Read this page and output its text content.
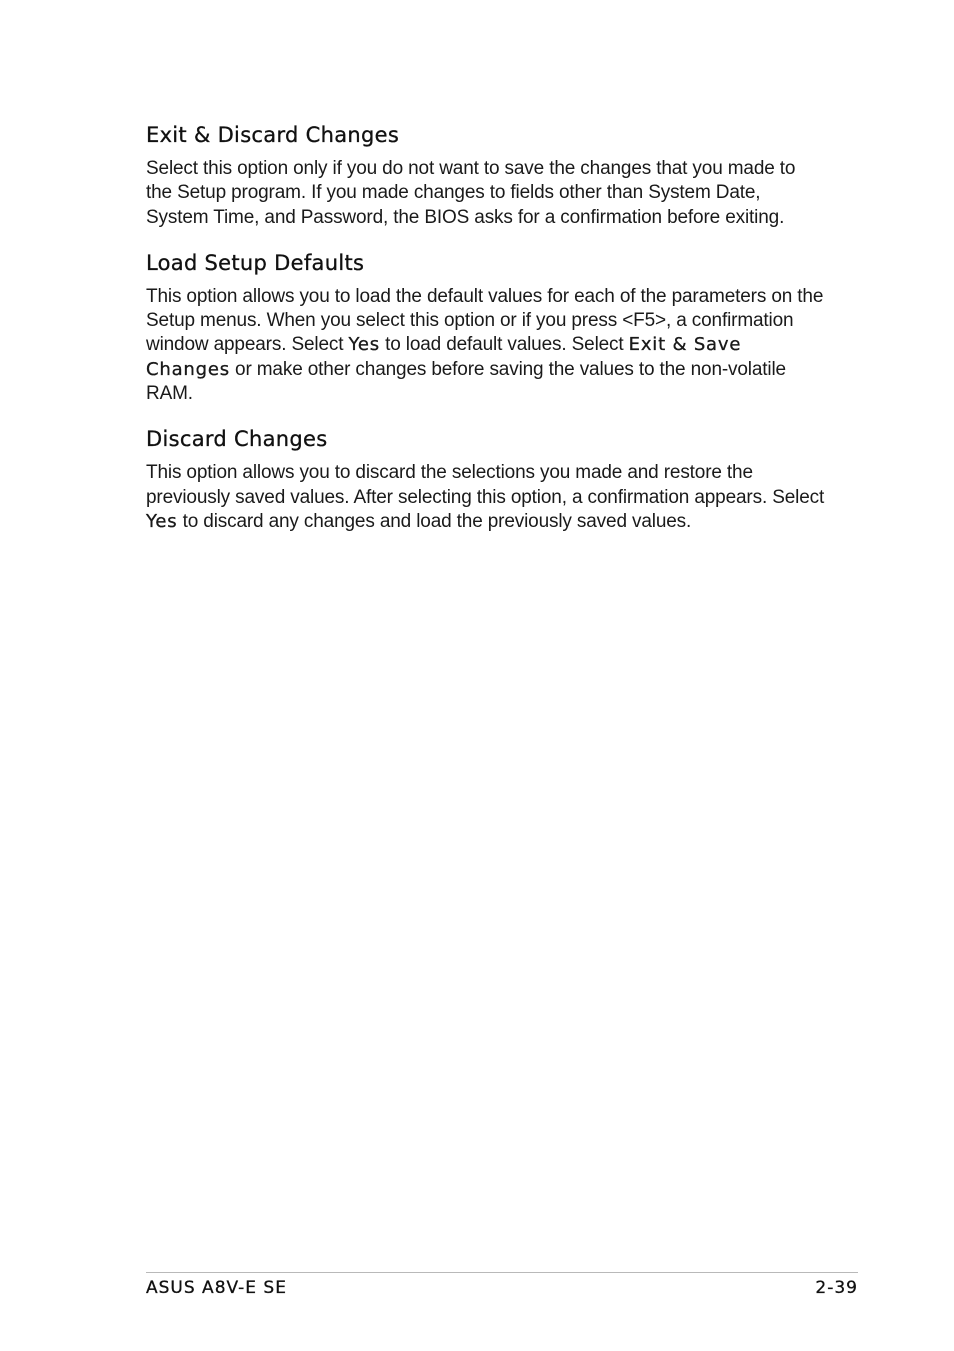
Exit & Discard Changes

Select this option only if you do not want to save the changes that you made to the Setup program. If you made changes to fields other than System Date, System Time, and Password, the BIOS asks for a confirmation before exiting.

Load Setup Defaults

This option allows you to load the default values for each of the parameters on the Setup menus. When you select this option or if you press <F5>, a confirmation window appears. Select Yes to load default values. Select Exit & Save Changes or make other changes before saving the values to the non-volatile RAM.

Discard Changes

This option allows you to discard the selections you made and restore the previously saved values. After selecting this option, a confirmation appears. Select Yes to discard any changes and load the previously saved values.

ASUS A8V-E SE	2-39
